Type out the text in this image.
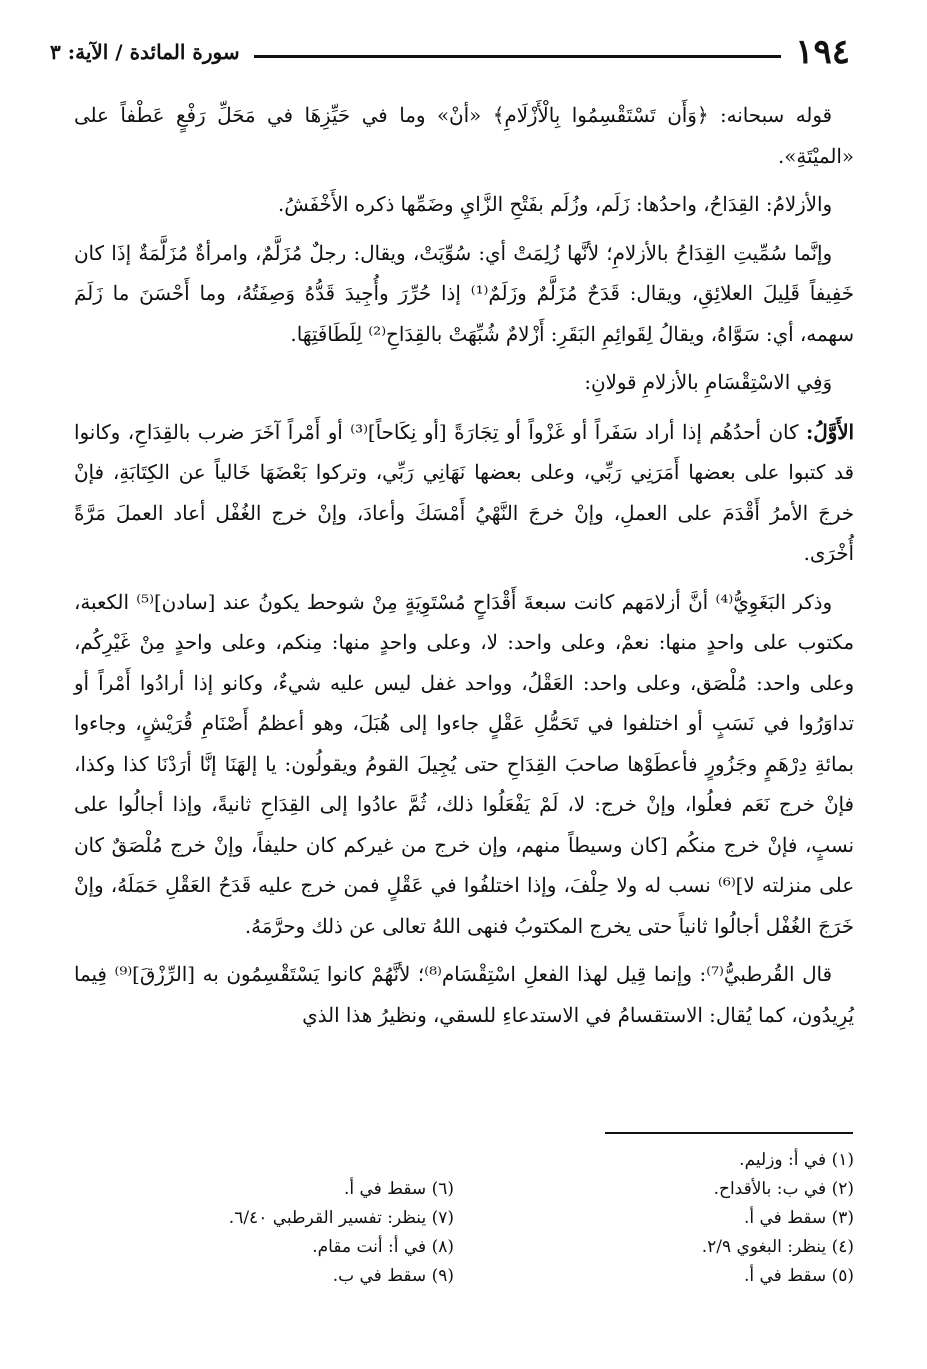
١٩٤
سورة المائدة / الآية: ٣

قوله سبحانه: ﴿وَأَن تَسْتَقْسِمُوا بِالْأَزْلَامِ﴾ «أنْ» وما في حَيِّزِهَا في مَحَلِّ رَفْعٍ عَطْفاً على «الميْتَةِ».

والأزلامُ: القِدَاحُ، واحدُها: زَلَم، وزُلَم بفَتْحِ الزَّايِ وضَمِّها ذكره الأَخْفَشُ.

وإنَّما سُمِّيتِ القِدَاحُ بالأزلامِ؛ لأنَّها زُلِمَتْ أي: سُوِّيَتْ، ويقال: رجلٌ مُزَلَّمٌ، وامرأةٌ مُزَلَّمَةٌ إذَا كان خَفِيفاً قَلِيلَ العلائِقِ، ويقال: قَدَحٌ مُزَلَّمٌ وزَلَمٌ⁽¹⁾ إذا حُرِّرَ وأُجِيدَ قَدُّهُ وَصِفَتُهُ، وما أَحْسَنَ ما زَلَمَ سهمه، أي: سَوَّاهُ، ويقالُ لِقَوائِمِ البَقَرِ: أَزْلامٌ شُبِّهَتْ بالقِدَاحِ⁽²⁾ لِلَطَافَتِهَا.

وَفِي الاسْتِقْسَامِ بالأزلامِ قولانِ:

الأَوَّلُ: كان أحدُهُم إذا أراد سَفَراً أو غَزْواً أو تِجَارَةً [أو نِكَاحاً]⁽³⁾ أو أَمْراً آخَرَ ضرب بالقِدَاحِ، وكانوا قد كتبوا على بعضها أَمَرَنِي رَبِّي، وعلى بعضها نَهَانِي رَبِّي، وتركوا بَعْضَهَا خَالياً عن الكِتَابَةِ، فإنْ خرجَ الأمرُ أَقْدَمَ على العملِ، وإنْ خرجَ النَّهْيُ أَمْسَكَ وأعادَ، وإنْ خرج الغُفْل أعاد العملَ مَرَّةً أُخْرَى.

وذكر البَغَوِيُّ⁽⁴⁾ أنَّ أزلامَهم كانت سبعةَ أَقْدَاحٍ مُسْتَوِيَةٍ مِنْ شوحط يكونُ عند [سادن]⁽⁵⁾ الكعبة، مكتوب على واحدٍ منها: نعمْ، وعلى واحد: لا، وعلى واحدٍ منها: مِنكم، وعلى واحدٍ مِنْ غَيْرِكُم، وعلى واحد: مُلْصَق، وعلى واحد: العَقْلُ، وواحد غفل ليس عليه شيءٌ، وكانو إذا أرادُوا أَمْراً أو تداوَرُوا في نَسَبٍ أو اختلفوا في تَحَمُّلِ عَقْلٍ جاءوا إلى هُبَلَ، وهو أعظمُ أَصْنَامِ قُرَيْشٍ، وجاءوا بمائةِ دِرْهَمٍ وجَزُورٍ فأعطَوْها صاحبَ القِدَاحِ حتى يُجِيلَ القومُ ويقولُون: يا إلهَنَا إنَّا أرَدْنَا كذا وكذا، فإنْ خرج نَعَم فعلُوا، وإنْ خرج: لا، لَمْ يَفْعَلُوا ذلك، ثُمَّ عادُوا إلى القِدَاحِ ثانيةً، وإذا أجالُوا على نسبٍ، فإنْ خرج منكُم [كان وسيطاً منهم، وإن خرج من غيركم كان حليفاً، وإنْ خرج مُلْصَقٌ كان على منزلته لا]⁽⁶⁾ نسب له ولا حِلْفَ، وإذا اختلفُوا في عَقْلٍ فمن خرج عليه قَدَحُ العَقْلِ حَمَلَهُ، وإنْ خَرَجَ الغُفْل أجالُوا ثانياً حتى يخرج المكتوبُ فنهى اللهُ تعالى عن ذلك وحرَّمَهُ.

قال القُرطبيُّ⁽⁷⁾: وإنما قِيل لهذا الفعلِ اسْتِقْسَام⁽⁸⁾؛ لأنَّهُمْ كانوا يَسْتَقْسِمُون به [الرِّزْقَ]⁽⁹⁾ فِيما يُرِيدُون، كما يُقال: الاستقسامُ في الاستدعاءِ للسقي، ونظيرُ هذا الذي

(١) في أ: وزليم.
(٢) في ب: بالأقداح.
(٣) سقط في أ.
(٤) ينظر: البغوي ٢/٩.
(٥) سقط في أ.
(٦) سقط في أ.
(٧) ينظر: تفسير القرطبي ٦/٤٠.
(٨) في أ: أنت مقام.
(٩) سقط في ب.
